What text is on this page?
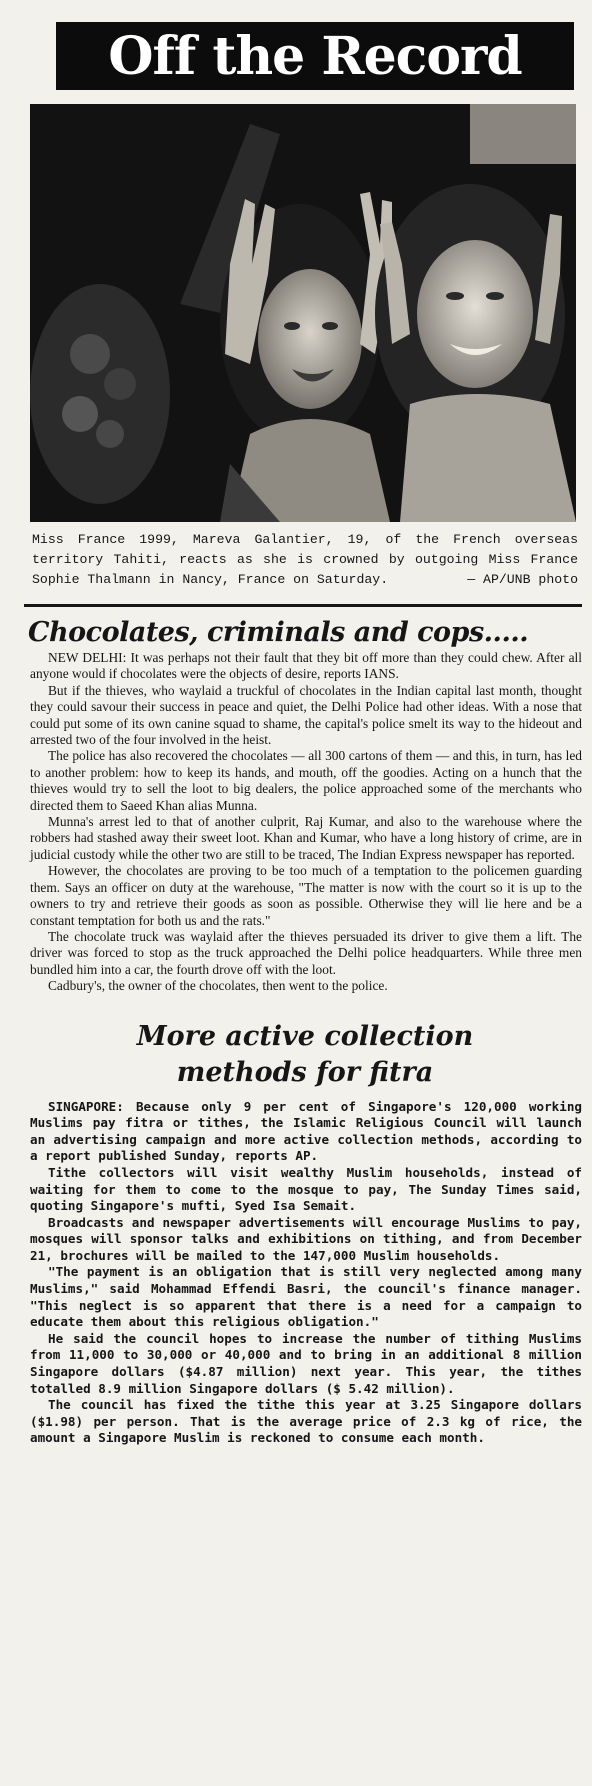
Off the Record
Miss France 1999, Mareva Galantier, 19, of the French overseas territory Tahiti, reacts as she is crowned by outgoing Miss France Sophie Thalmann in Nancy, France on Saturday.	— AP/UNB photo
Chocolates, criminals and cops.....

NEW DELHI: It was perhaps not their fault that they bit off more than they could chew. After all anyone would if chocolates were the objects of desire, reports IANS.

But if the thieves, who waylaid a truckful of chocolates in the Indian capital last month, thought they could savour their success in peace and quiet, the Delhi Police had other ideas. With a nose that could put some of its own canine squad to shame, the capital's police smelt its way to the hideout and arrested two of the four involved in the heist.

The police has also recovered the chocolates — all 300 cartons of them — and this, in turn, has led to another problem: how to keep its hands, and mouth, off the goodies. Acting on a hunch that the thieves would try to sell the loot to big dealers, the police approached some of the merchants who directed them to Saeed Khan alias Munna.

Munna's arrest led to that of another culprit, Raj Kumar, and also to the warehouse where the robbers had stashed away their sweet loot. Khan and Kumar, who have a long history of crime, are in judicial custody while the other two are still to be traced, The Indian Express newspaper has reported.

However, the chocolates are proving to be too much of a temptation to the policemen guarding them. Says an officer on duty at the warehouse, "The matter is now with the court so it is up to the owners to try and retrieve their goods as soon as possible. Otherwise they will lie here and be a constant temptation for both us and the rats."

The chocolate truck was waylaid after the thieves persuaded its driver to give them a lift. The driver was forced to stop as the truck approached the Delhi police headquarters. While three men bundled him into a car, the fourth drove off with the loot.

Cadbury's, the owner of the chocolates, then went to the police.

More active collection
methods for fitra

SINGAPORE: Because only 9 per cent of Singapore's 120,000 working Muslims pay fitra or tithes, the Islamic Religious Council will launch an advertising campaign and more active collection methods, according to a report published Sunday, reports AP.

Tithe collectors will visit wealthy Muslim households, instead of waiting for them to come to the mosque to pay, The Sunday Times said, quoting Singapore's mufti, Syed Isa Semait.

Broadcasts and newspaper advertisements will encourage Muslims to pay, mosques will sponsor talks and exhibitions on tithing, and from December 21, brochures will be mailed to the 147,000 Muslim households.

"The payment is an obligation that is still very neglected among many Muslims," said Mohammad Effendi Basri, the council's finance manager. "This neglect is so apparent that there is a need for a campaign to educate them about this religious obligation."

He said the council hopes to increase the number of tithing Muslims from 11,000 to 30,000 or 40,000 and to bring in an additional 8 million Singapore dollars ($4.87 million) next year. This year, the tithes totalled 8.9 million Singapore dollars ($ 5.42 million).

The council has fixed the tithe this year at 3.25 Singapore dollars ($1.98) per person. That is the average price of 2.3 kg of rice, the amount a Singapore Muslim is reckoned to consume each month.
